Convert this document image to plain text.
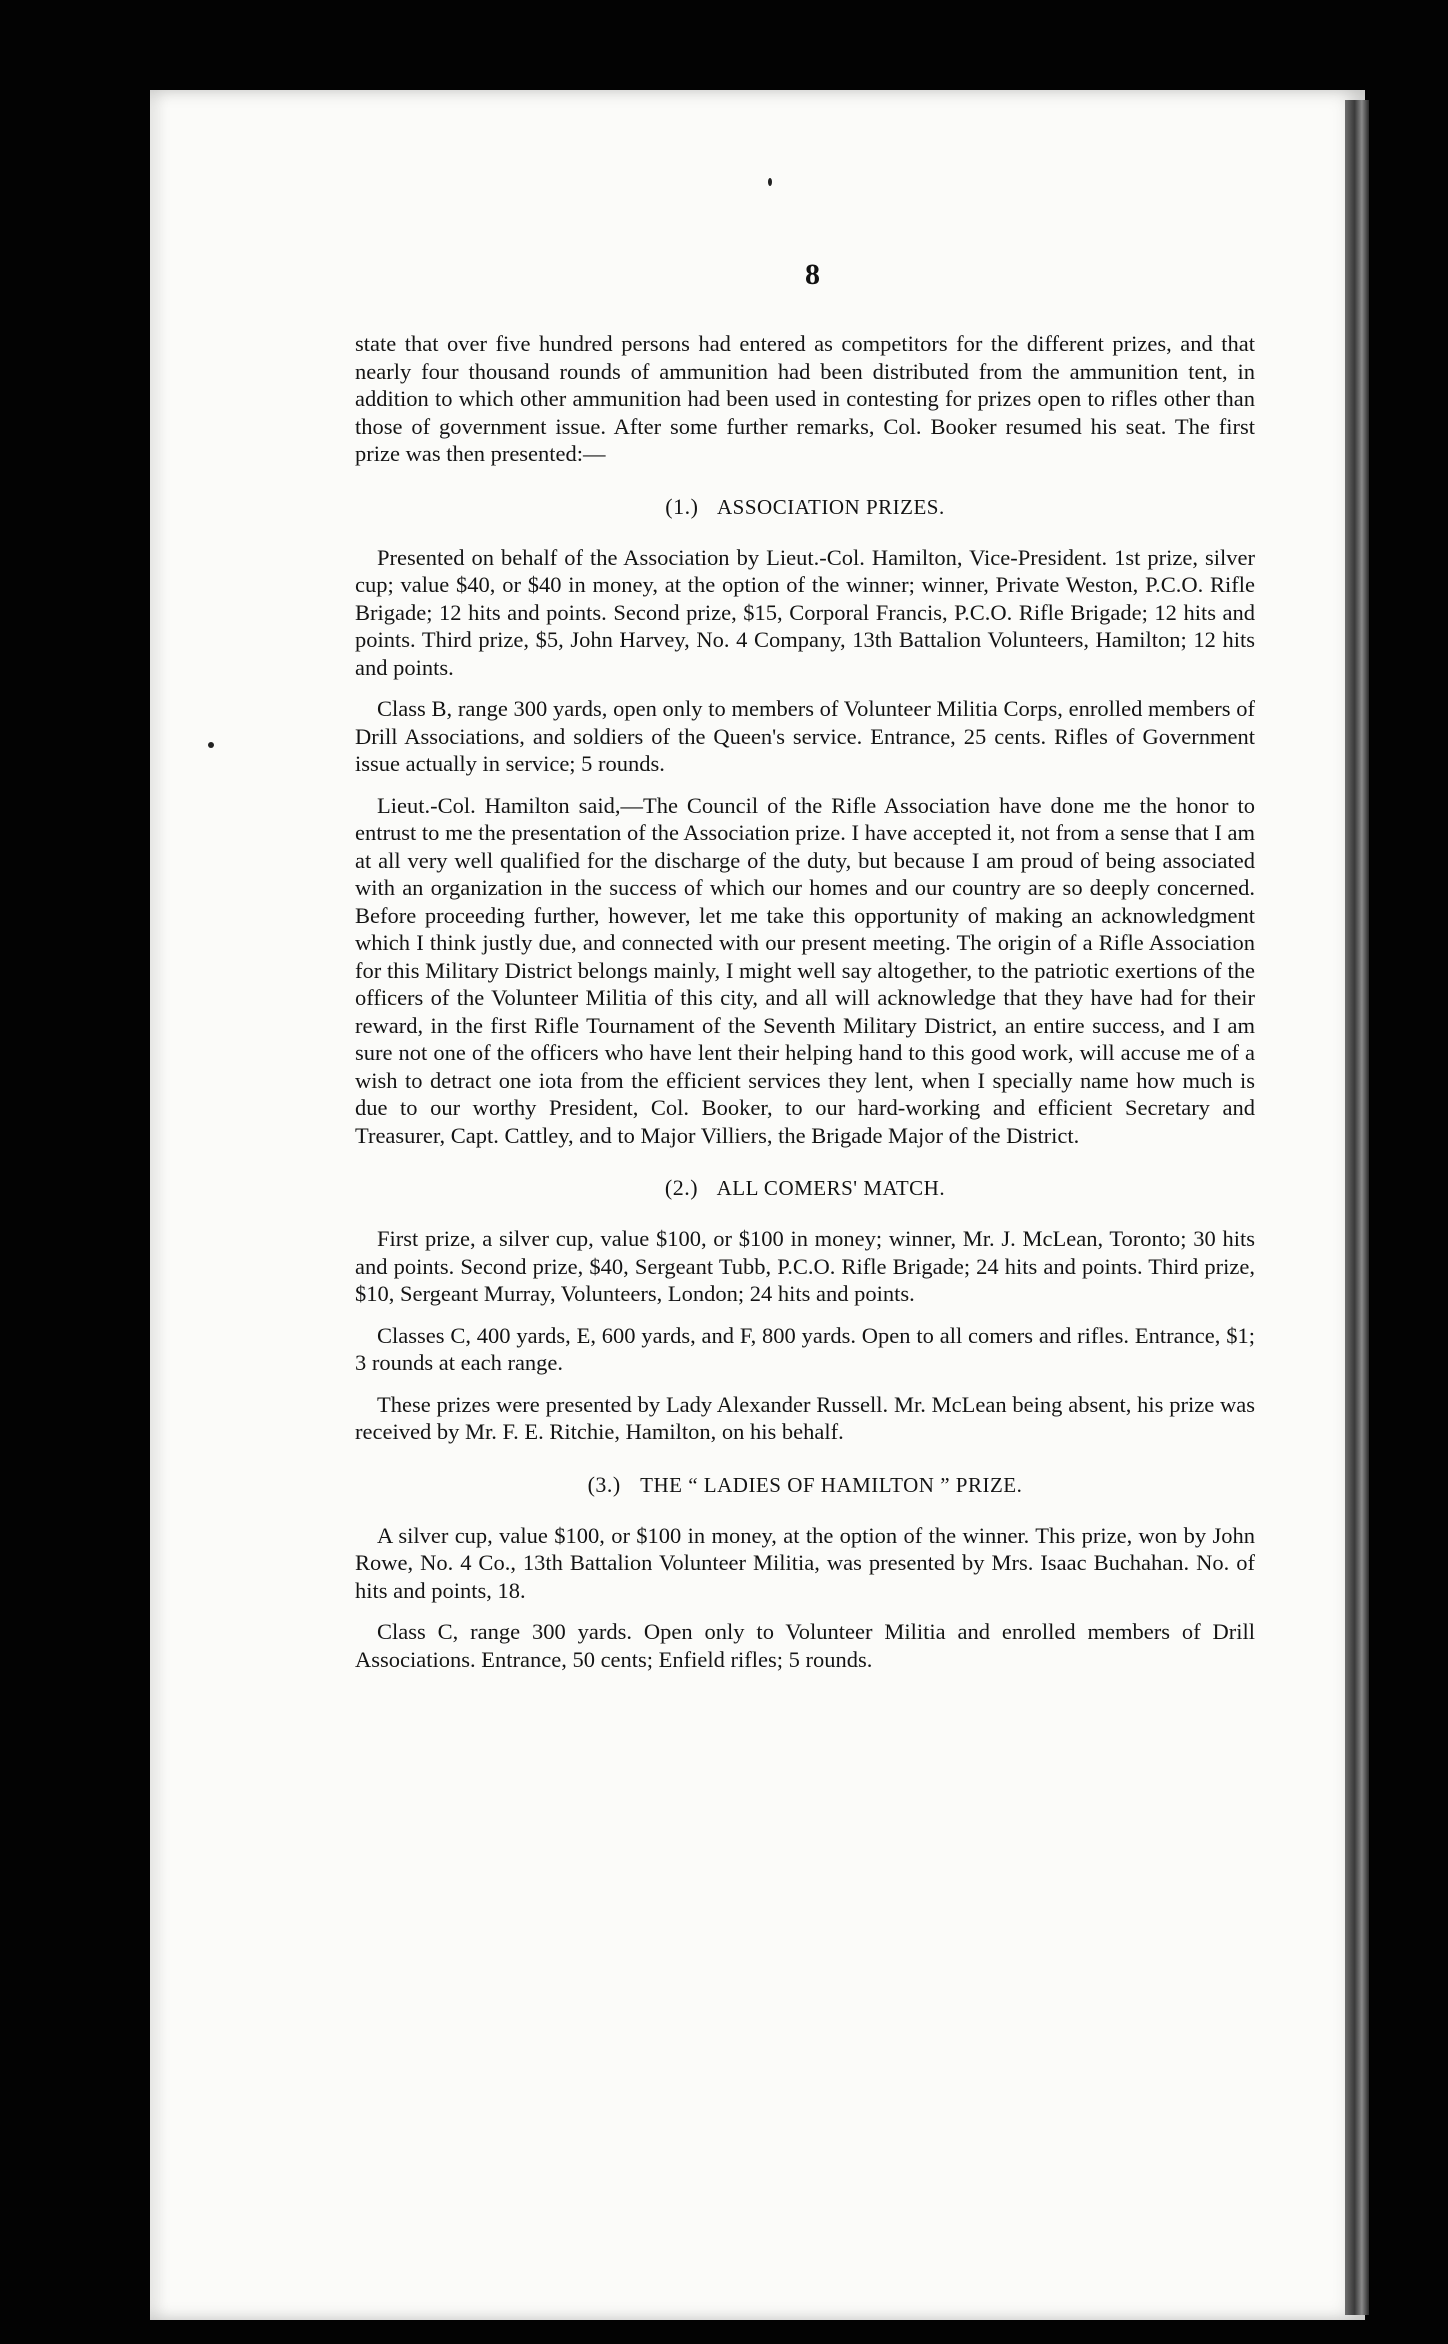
8

state that over five hundred persons had entered as competitors for the different prizes, and that nearly four thousand rounds of ammunition had been distributed from the ammunition tent, in addition to which other ammunition had been used in contesting for prizes open to rifles other than those of government issue. After some further remarks, Col. Booker resumed his seat. The first prize was then presented:—

(1.) ASSOCIATION PRIZES.

Presented on behalf of the Association by Lieut.-Col. Hamilton, Vice-President. 1st prize, silver cup; value $40, or $40 in money, at the option of the winner; winner, Private Weston, P.C.O. Rifle Brigade; 12 hits and points. Second prize, $15, Corporal Francis, P.C.O. Rifle Brigade; 12 hits and points. Third prize, $5, John Harvey, No. 4 Company, 13th Battalion Volunteers, Hamilton; 12 hits and points.

Class B, range 300 yards, open only to members of Volunteer Militia Corps, enrolled members of Drill Associations, and soldiers of the Queen's service. Entrance, 25 cents. Rifles of Government issue actually in service; 5 rounds.

Lieut.-Col. Hamilton said,—The Council of the Rifle Association have done me the honor to entrust to me the presentation of the Association prize. I have accepted it, not from a sense that I am at all very well qualified for the discharge of the duty, but because I am proud of being associated with an organization in the success of which our homes and our country are so deeply concerned. Before proceeding further, however, let me take this opportunity of making an acknowledgment which I think justly due, and connected with our present meeting. The origin of a Rifle Association for this Military District belongs mainly, I might well say altogether, to the patriotic exertions of the officers of the Volunteer Militia of this city, and all will acknowledge that they have had for their reward, in the first Rifle Tournament of the Seventh Military District, an entire success, and I am sure not one of the officers who have lent their helping hand to this good work, will accuse me of a wish to detract one iota from the efficient services they lent, when I specially name how much is due to our worthy President, Col. Booker, to our hard-working and efficient Secretary and Treasurer, Capt. Cattley, and to Major Villiers, the Brigade Major of the District.

(2.) ALL COMERS' MATCH.

First prize, a silver cup, value $100, or $100 in money; winner, Mr. J. McLean, Toronto; 30 hits and points. Second prize, $40, Sergeant Tubb, P.C.O. Rifle Brigade; 24 hits and points. Third prize, $10, Sergeant Murray, Volunteers, London; 24 hits and points.

Classes C, 400 yards, E, 600 yards, and F, 800 yards. Open to all comers and rifles. Entrance, $1; 3 rounds at each range.

These prizes were presented by Lady Alexander Russell. Mr. McLean being absent, his prize was received by Mr. F. E. Ritchie, Hamilton, on his behalf.

(3.) THE “ LADIES OF HAMILTON ” PRIZE.

A silver cup, value $100, or $100 in money, at the option of the winner. This prize, won by John Rowe, No. 4 Co., 13th Battalion Volunteer Militia, was presented by Mrs. Isaac Buchahan. No. of hits and points, 18.

Class C, range 300 yards. Open only to Volunteer Militia and enrolled members of Drill Associations. Entrance, 50 cents; Enfield rifles; 5 rounds.
